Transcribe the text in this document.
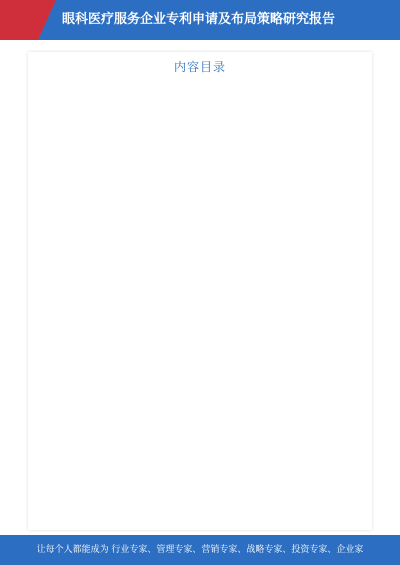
眼科医疗服务企业专利申请及布局策略研究报告
内容目录
让每个人都能成为 行业专家、管理专家、营销专家、战略专家、投资专家、企业家
